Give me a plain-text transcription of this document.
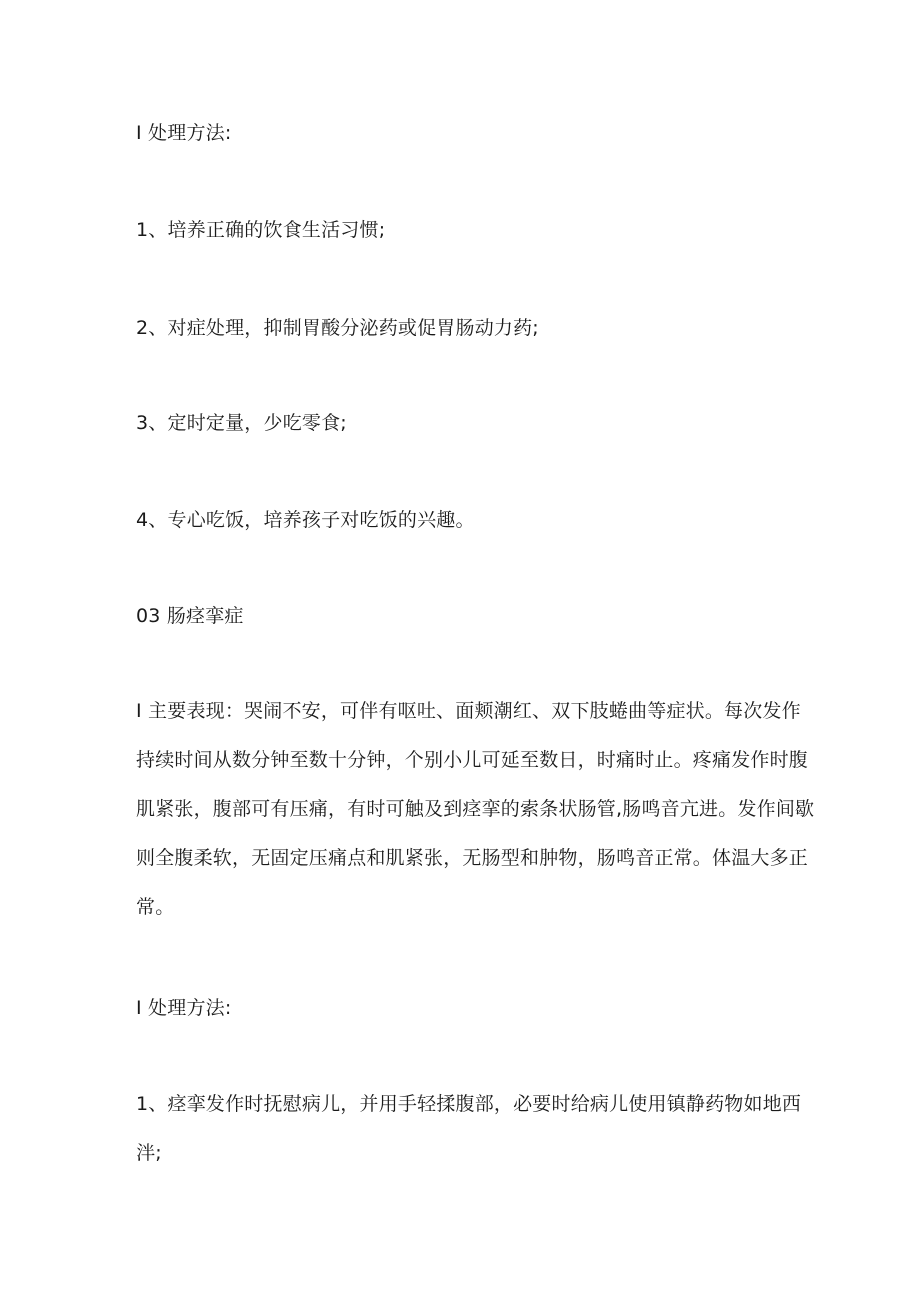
I 处理方法:
1、培养正确的饮食生活习惯;
2、对症处理，抑制胃酸分泌药或促胃肠动力药;
3、定时定量，少吃零食;
4、专心吃饭，培养孩子对吃饭的兴趣。
03 肠痉挛症
I 主要表现：哭闹不安，可伴有呕吐、面颊潮红、双下肢蜷曲等症状。每次发作
持续时间从数分钟至数十分钟，个别小儿可延至数日，时痛时止。疼痛发作时腹
肌紧张，腹部可有压痛，有时可触及到痉挛的索条状肠管,肠鸣音亢进。发作间歇
则全腹柔软，无固定压痛点和肌紧张，无肠型和肿物，肠鸣音正常。体温大多正
常。
I 处理方法:
1、痉挛发作时抚慰病儿，并用手轻揉腹部，必要时给病儿使用镇静药物如地西
泮;
